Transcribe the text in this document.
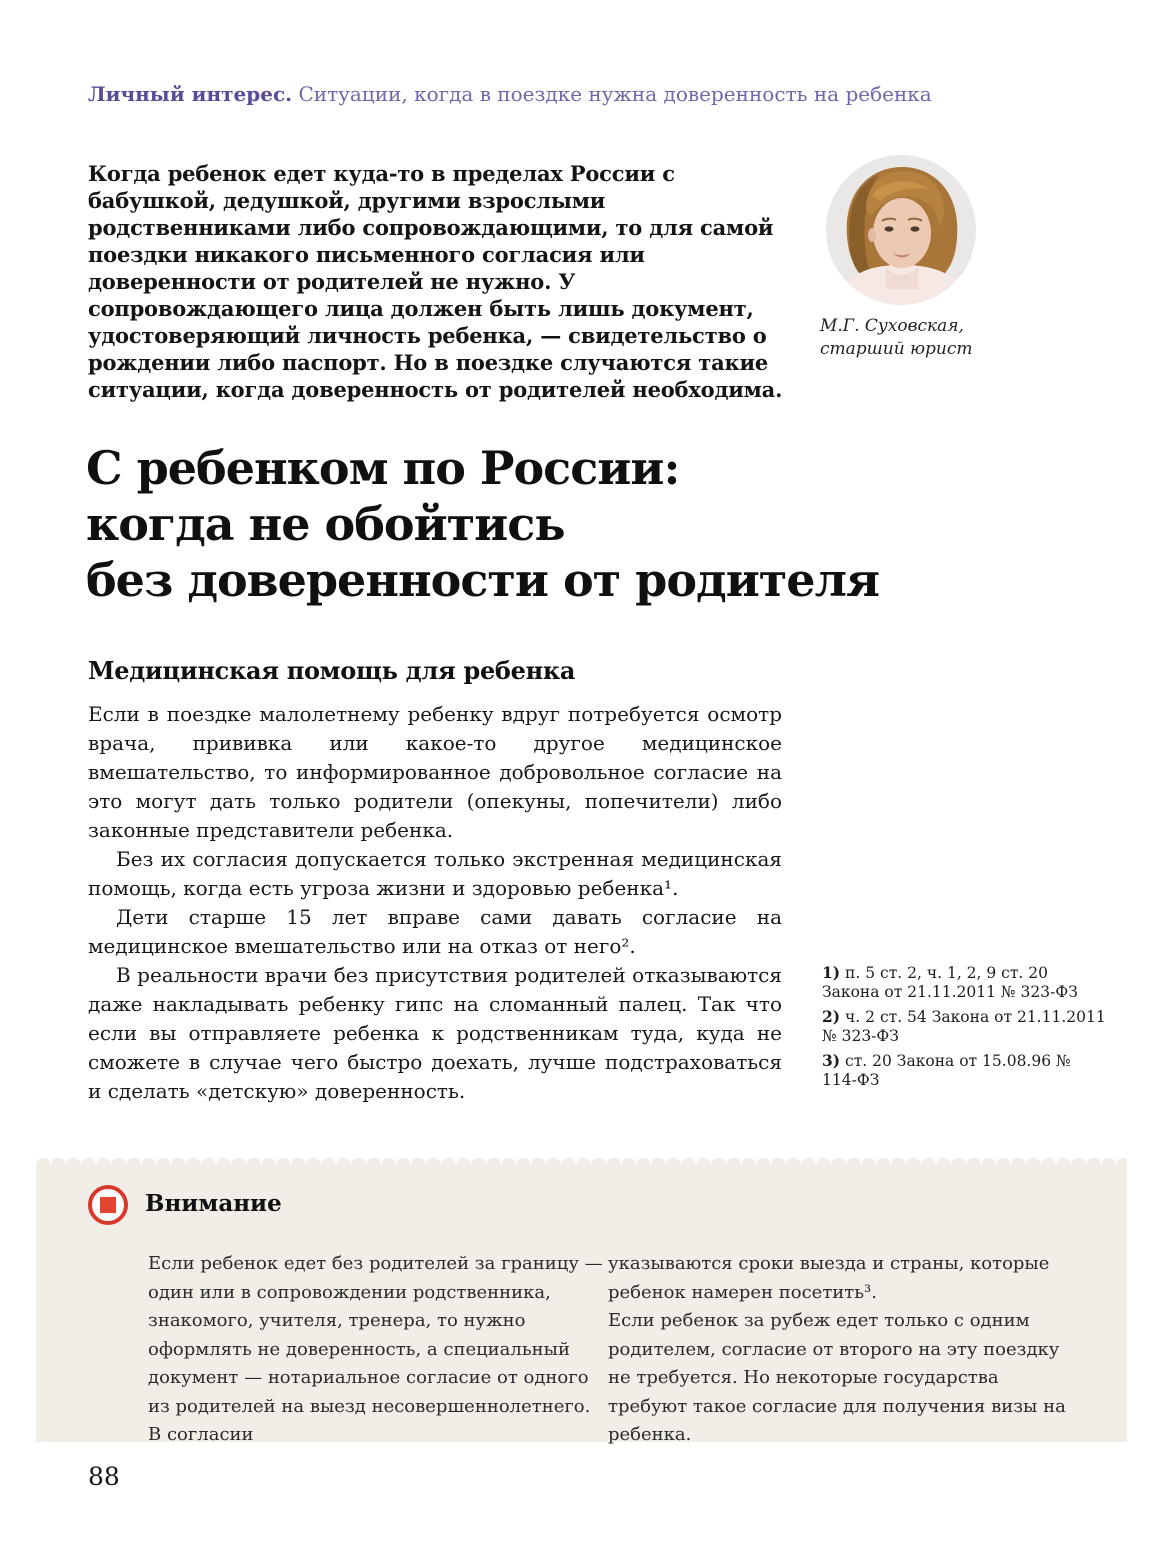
Личный интерес. Ситуации, когда в поездке нужна доверенность на ребенка
Когда ребенок едет куда-то в пределах России с бабушкой, дедушкой, другими взрослыми родственниками либо сопровождающими, то для самой поездки никакого письменного согласия или доверенности от родителей не нужно. У сопровождающего лица должен быть лишь документ, удостоверяющий личность ребенка, — свидетельство о рождении либо паспорт. Но в поездке случаются такие ситуации, когда доверенность от родителей необходима.
М.Г. Суховская,
старший юрист
С ребенком по России:
когда не обойтись
без доверенности от родителя
Медицинская помощь для ребенка

Если в поездке малолетнему ребенку вдруг потребуется осмотр врача, прививка или какое-то другое медицинское вмешательство, то информированное добровольное согласие на это могут дать только родители (опекуны, попечители) либо законные представители ребенка.

Без их согласия допускается только экстренная медицинская помощь, когда есть угроза жизни и здоровью ребенка¹.

Дети старше 15 лет вправе сами давать согласие на медицинское вмешательство или на отказ от него².

В реальности врачи без присутствия родителей отказываются даже накладывать ребенку гипс на сломанный палец. Так что если вы отправляете ребенка к родственникам туда, куда не сможете в случае чего быстро доехать, лучше подстраховаться и сделать «детскую» доверенность.

1) п. 5 ст. 2, ч. 1, 2, 9 ст. 20 Закона от 21.11.2011 № 323-ФЗ

2) ч. 2 ст. 54 Закона от 21.11.2011 № 323-ФЗ

3) ст. 20 Закона от 15.08.96 № 114-ФЗ

Внимание

Если ребенок едет без родителей за границу — один или в сопровождении родственника, знакомого, учителя, тренера, то нужно оформлять не доверенность, а специальный документ — нотариальное согласие от одного из родителей на выезд несовершеннолетнего. В согласии

указываются сроки выезда и страны, которые ребенок намерен посетить³.

Если ребенок за рубеж едет только с одним родителем, согласие от второго на эту поездку не требуется. Но некоторые государства требуют такое согласие для получения визы на ребенка.

88
